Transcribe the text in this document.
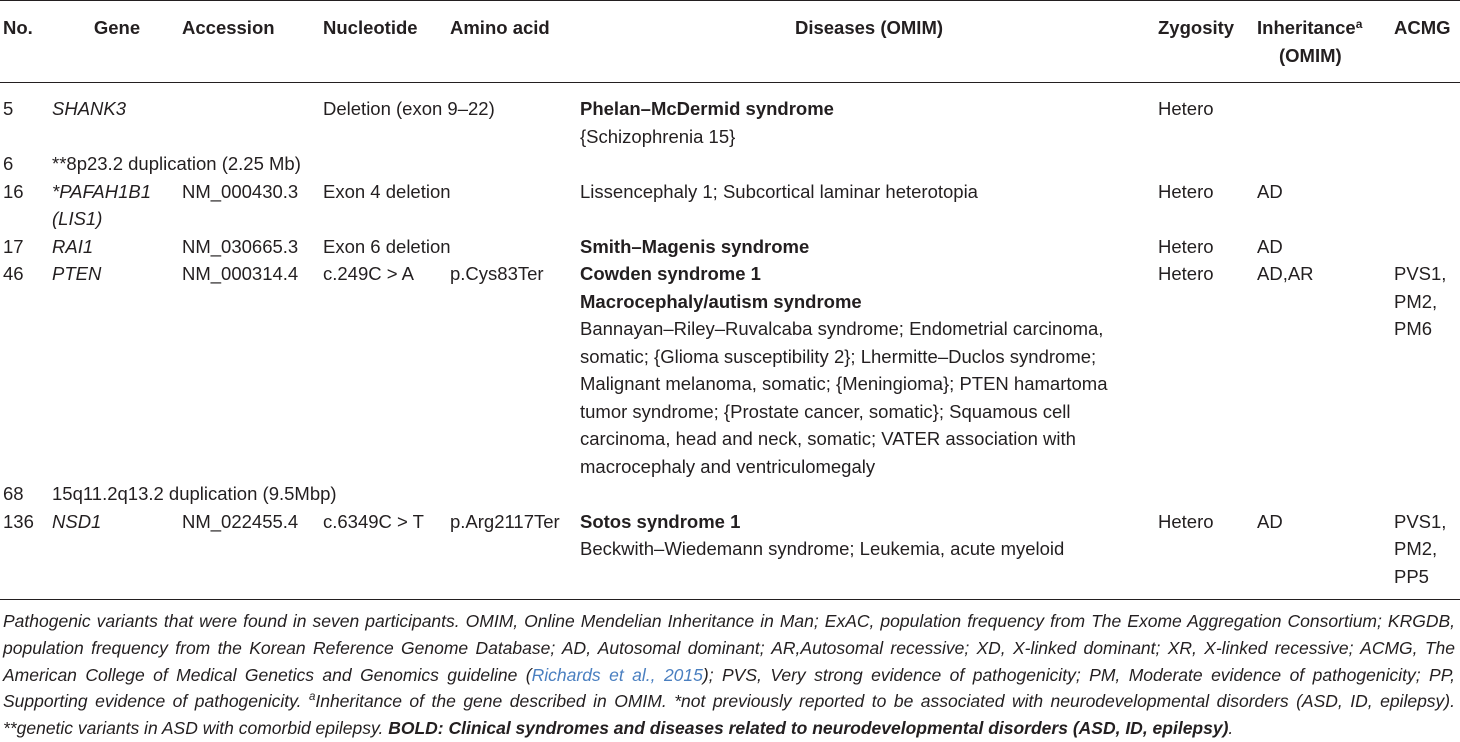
No.	Gene	Accession	Nucleotide	Amino acid	Diseases (OMIM)	Zygosity	Inheritance$^a$
(OMIM)	ACMG
5	SHANK3		Deletion (exon 9–22)		Phelan–McDermid syndrome
{Schizophrenia 15}	Hetero		
6	**8p23.2 duplication (2.25 Mb)							
16	*PAFAH1B1 (LIS1)	NM_000430.3	Exon 4 deletion		Lissencephaly 1; Subcortical laminar heterotopia	Hetero	AD	
17	RAI1	NM_030665.3	Exon 6 deletion		Smith–Magenis syndrome	Hetero	AD	
46	PTEN	NM_000314.4	c.249C > A	p.Cys83Ter	Cowden syndrome 1
Macrocephaly/autism syndrome
Bannayan–Riley–Ruvalcaba syndrome; Endometrial carcinoma, somatic; {Glioma susceptibility 2}; Lhermitte–Duclos syndrome; Malignant melanoma, somatic; {Meningioma}; PTEN hamartoma tumor syndrome; {Prostate cancer, somatic}; Squamous cell carcinoma, head and neck, somatic; VATER association with macrocephaly and ventriculomegaly	Hetero	AD,AR	PVS1, PM2, PM6
68	15q11.2q13.2 duplication (9.5Mbp)							
136	NSD1	NM_022455.4	c.6349C > T	p.Arg2117Ter	Sotos syndrome 1
Beckwith–Wiedemann syndrome; Leukemia, acute myeloid	Hetero	AD	PVS1, PM2, PP5
Pathogenic variants that were found in seven participants. OMIM, Online Mendelian Inheritance in Man; ExAC, population frequency from The Exome Aggregation Consortium; KRGDB, population frequency from the Korean Reference Genome Database; AD, Autosomal dominant; AR,Autosomal recessive; XD, X-linked dominant; XR, X-linked recessive; ACMG, The American College of Medical Genetics and Genomics guideline (Richards et al., 2015); PVS, Very strong evidence of pathogenicity; PM, Moderate evidence of pathogenicity; PP, Supporting evidence of pathogenicity. $^a$Inheritance of the gene described in OMIM. *not previously reported to be associated with neurodevelopmental disorders (ASD, ID, epilepsy). **genetic variants in ASD with comorbid epilepsy. BOLD: Clinical syndromes and diseases related to neurodevelopmental disorders (ASD, ID, epilepsy).
